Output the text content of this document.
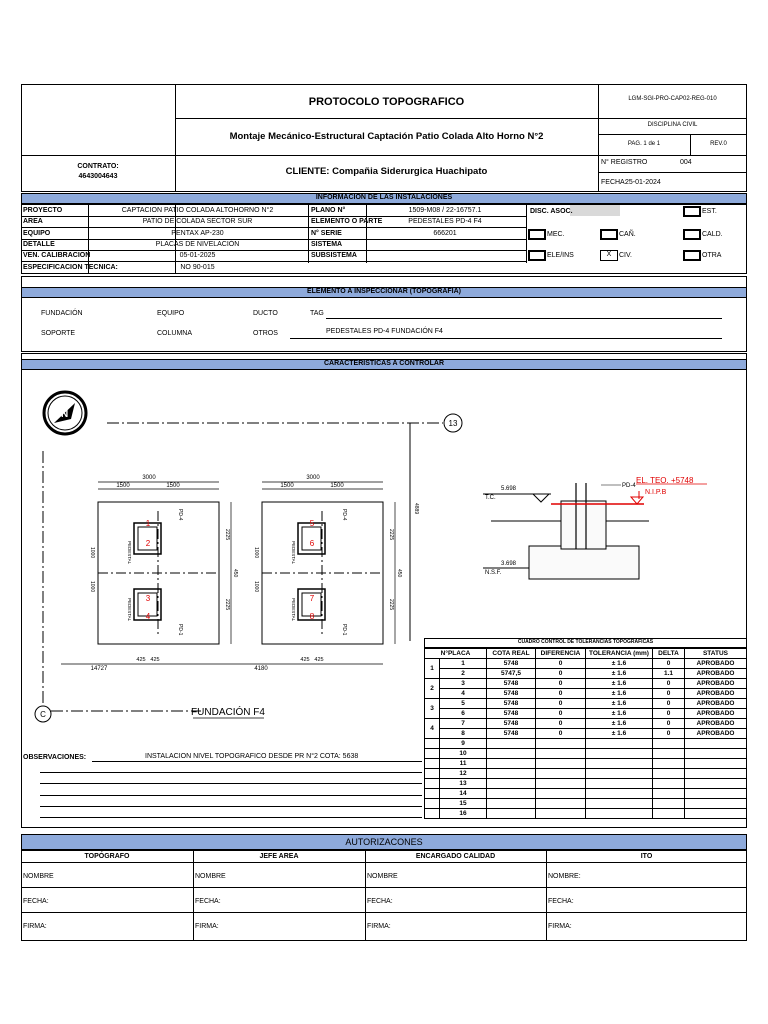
PROTOCOLO TOPOGRAFICO
Montaje Mecánico-Estructural Captación Patio Colada Alto Horno N°2
CLIENTE: Compañia Siderurgica Huachipato
CONTRATO:
4643004643
LGM-SGI-PRO-CAP02-REG-010
DISCIPLINA CIVIL
PAG. 1 de 1	REV.0
N° REGISTRO	004
FECHA:
25-01-2024
INFORMACION DE LAS INSTALACIONES
PROYECTO	CAPTACION PATIO COLADA ALTOHORNO N°2	PLANO N°	1509-M08 / 22-16757.1
AREA	PATIO DE COLADA SECTOR SUR	ELEMENTO O PARTE	PEDESTALES PD-4 F4
EQUIPO	PENTAX AP-230	N° SERIE	666201
DETALLE	PLACAS DE NIVELACIÓN	SISTEMA
VEN. CALIBRACION	05-01-2025	SUBSISTEMA
ESPECIFICACION TECNICA:	NO 90-015
DISC. ASOC.	EST.
MEC.	CAÑ.	CALD.
ELE/INS	X	CIV.	OTRA
ELEMENTO A INSPECCIONAR (TOPOGRAFIA)
FUNDACIÓN	EQUIPO	DUCTO	TAG
SOPORTE	COLUMNA	OTROS	PEDESTALES PD-4 FUNDACIÓN F4
CARACTERISTICAS A CONTROLAR
N
13
4889
C
3000	3000
1500	1500	1500	1500
2225
2225
2225
2225
450	450
1000
1000
1000
1000
425 425	425 425
14727	4180
PD-4	PD-4
PD-1	PD-1
PEDESTAL
PEDESTAL
PEDESTAL
PEDESTAL
1
2
3
4
5
6
7
8
FUNDACIÓN F4
5.698
T.C.
3.698
N.S.F.
PD-4
EL. TEO. +5748
N.I.P.B
CUADRO CONTROL DE TOLERANCIAS TOPOGRAFICAS
N°PLACA		COTA REAL	DIFERENCIA	TOLERANCIA (mm)	DELTA	STATUS
1	1	5748	0	± 1.6	0	APROBADO
	2	5747,5	0	± 1.6	1.1	APROBADO
2	3	5748	0	± 1.6	0	APROBADO
	4	5748	0	± 1.6	0	APROBADO
3	5	5748	0	± 1.6	0	APROBADO
	6	5748	0	± 1.6	0	APROBADO
4	7	5748	0	± 1.6	0	APROBADO
	8	5748	0	± 1.6	0	APROBADO
	9					
	10					
	11					
	12					
	13					
	14					
	15					
	16					
OBSERVACIONES:	INSTALACION NIVEL TOPOGRAFICO DESDE PR N°2 COTA: 5638
AUTORIZACONES
TOPÓGRAFO	JEFE AREA	ENCARGADO CALIDAD	ITO
NOMBRE	NOMBRE	NOMBRE	NOMBRE:
FECHA:	FECHA:	FECHA:	FECHA:
FIRMA:	FIRMA:	FIRMA:	FIRMA:
